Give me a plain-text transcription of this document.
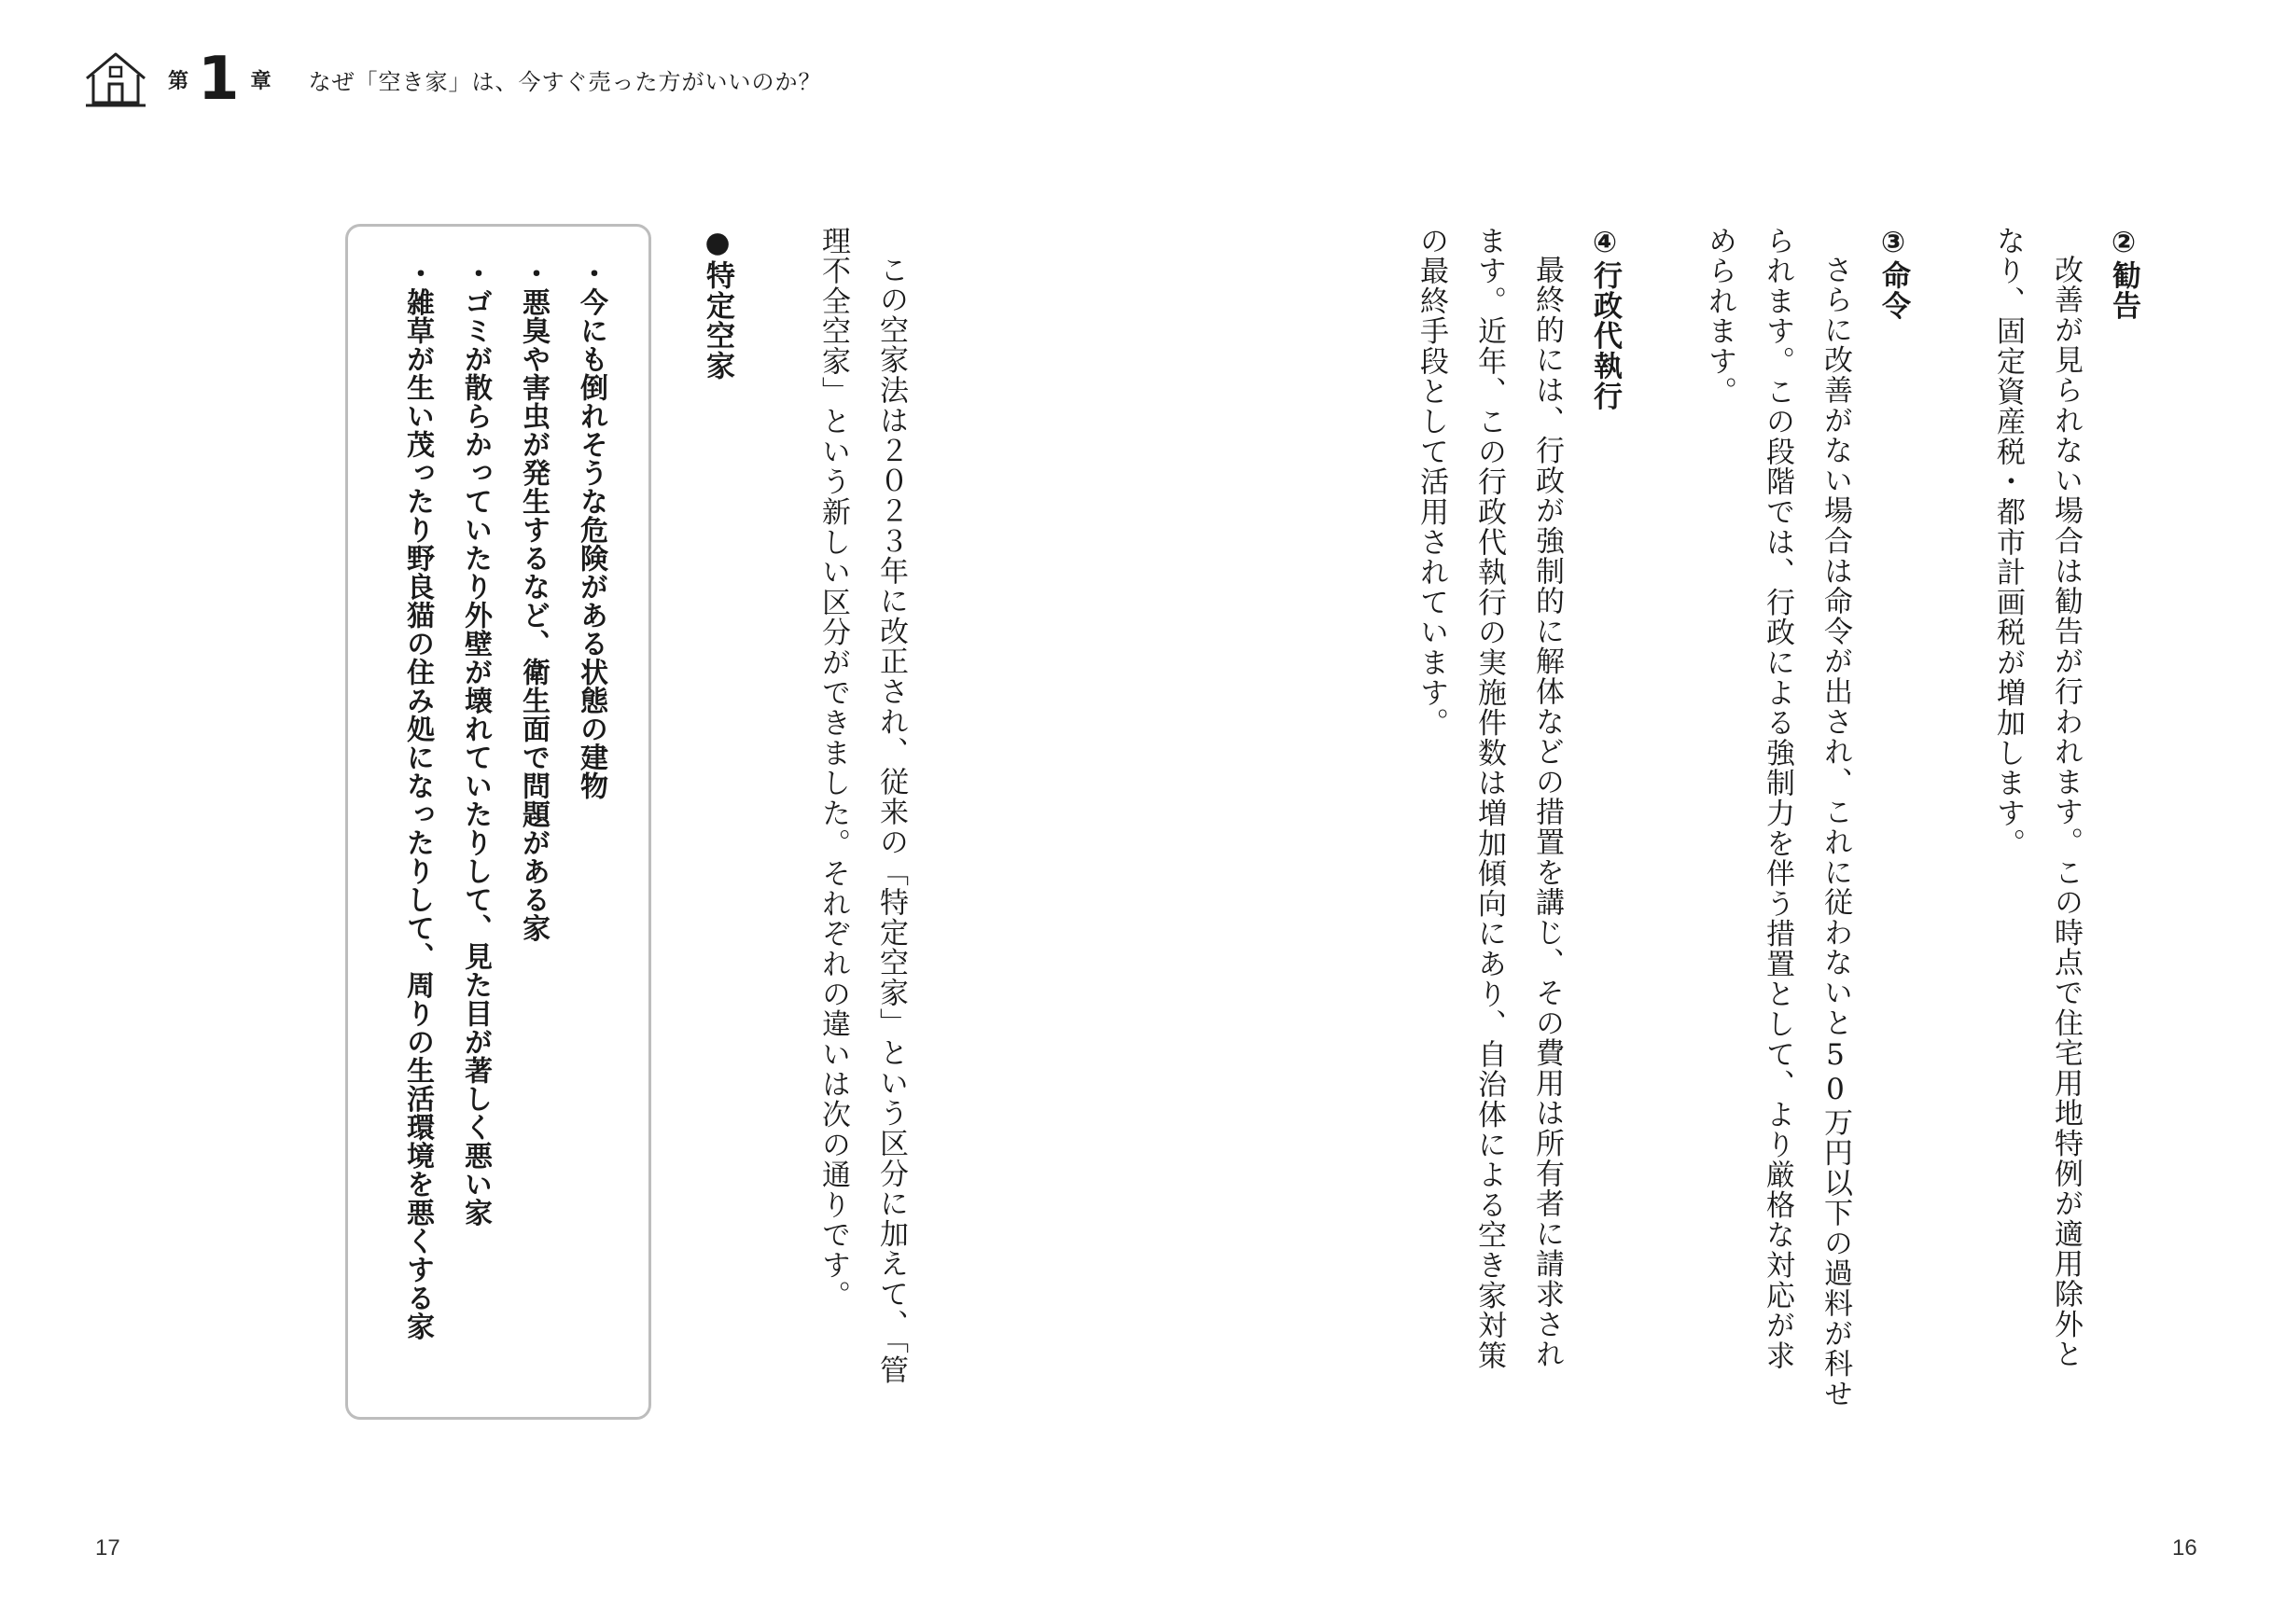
第 1 章 なぜ「空き家」は、今すぐ売った方がいいのか？
②勧告
改善が見られない場合は勧告が行われます。この時点で住宅用地特例が適用除外と
なり、固定資産税・都市計画税が増加します。
③命令
さらに改善がない場合は命令が出され、これに従わないと50万円以下の過料が科せ
られます。この段階では、行政による強制力を伴う措置として、より厳格な対応が求
められます。
④行政代執行
最終的には、行政が強制的に解体などの措置を講じ、その費用は所有者に請求され
ます。近年、この行政代執行の実施件数は増加傾向にあり、自治体による空き家対策
の最終手段として活用されています。
この空家法は２０２３年に改正され、従来の「特定空家」という区分に加えて、「管
理不全空家」という新しい区分ができました。それぞれの違いは次の通りです。
●特定空家
・今にも倒れそうな危険がある状態の建物
・悪臭や害虫が発生するなど、衛生面で問題がある家
・ゴミが散らかっていたり外壁が壊れていたりして、見た目が著しく悪い家
・雑草が生い茂ったり野良猫の住み処になったりして、周りの生活環境を悪くする家
17	16
